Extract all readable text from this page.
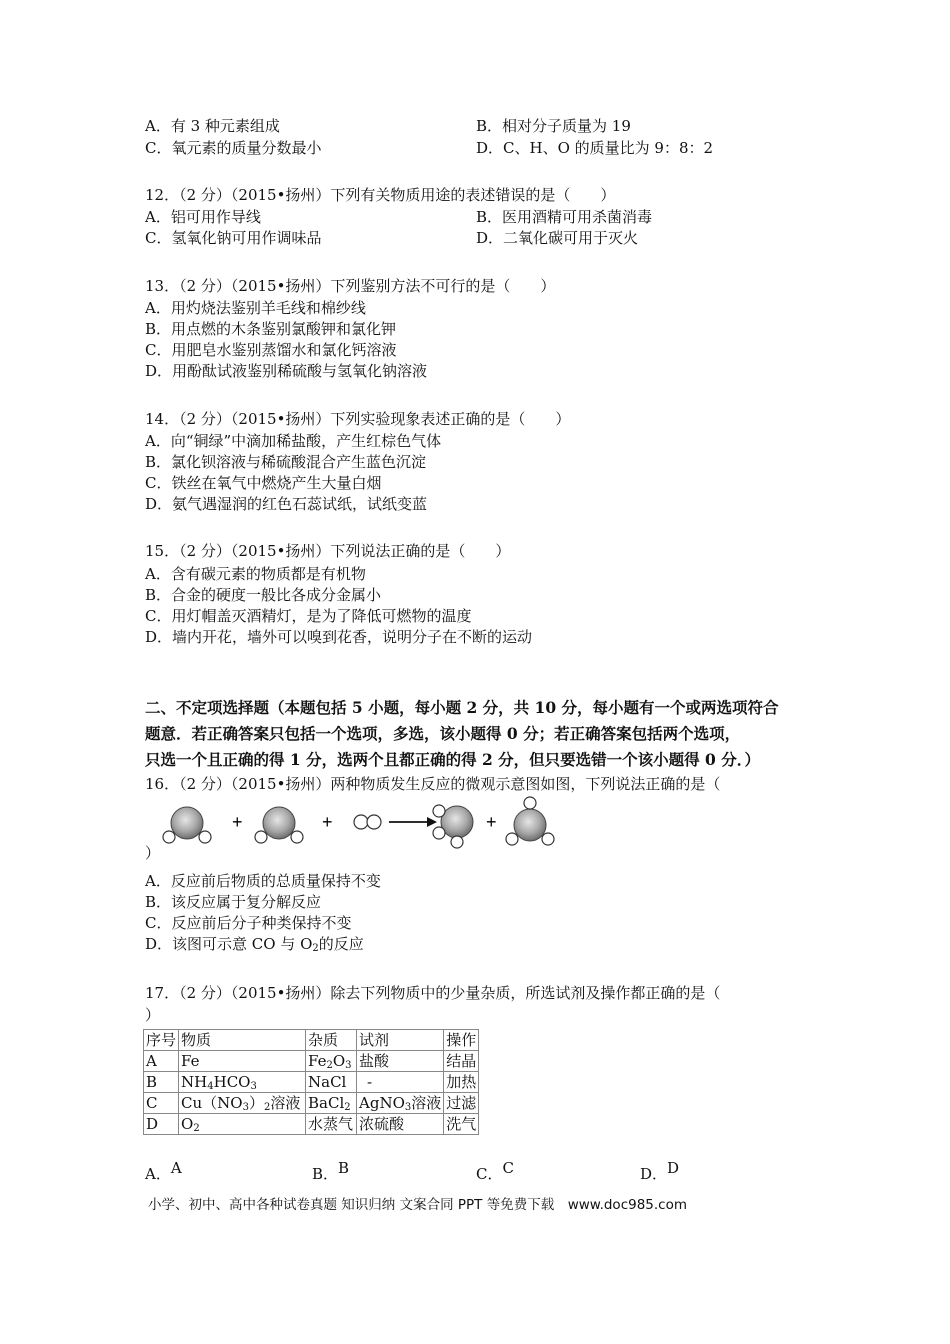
A．有 3 种元素组成	B．相对分子质量为 19
C．氧元素的质量分数最小	D．C、H、O 的质量比为 9：8：2
12．（2 分）（2015•扬州）下列有关物质用途的表述错误的是（　　）
A．铝可用作导线	B．医用酒精可用杀菌消毒
C．氢氧化钠可用作调味品	D．二氧化碳可用于灭火
13．（2 分）（2015•扬州）下列鉴别方法不可行的是（　　）
A．用灼烧法鉴别羊毛线和棉纱线
B．用点燃的木条鉴别氯酸钾和氯化钾
C．用肥皂水鉴别蒸馏水和氯化钙溶液
D．用酚酞试液鉴别稀硫酸与氢氧化钠溶液
14．（2 分）（2015•扬州）下列实验现象表述正确的是（　　）
A．向“铜绿”中滴加稀盐酸，产生红棕色气体
B．氯化钡溶液与稀硫酸混合产生蓝色沉淀
C．铁丝在氧气中燃烧产生大量白烟
D．氨气遇湿润的红色石蕊试纸，试纸变蓝
15．（2 分）（2015•扬州）下列说法正确的是（　　）
A．含有碳元素的物质都是有机物
B．合金的硬度一般比各成分金属小
C．用灯帽盖灭酒精灯，是为了降低可燃物的温度
D．墙内开花，墙外可以嗅到花香，说明分子在不断的运动
二、不定项选择题（本题包括 5 小题，每小题 2 分，共 10 分，每小题有一个或两选项符合
题意．若正确答案只包括一个选项，多选，该小题得 0 分；若正确答案包括两个选项，
只选一个且正确的得 1 分，选两个且都正确的得 2 分，但只要选错一个该小题得 0 分．）
16．（2 分）（2015•扬州）两种物质发生反应的微观示意图如图，下列说法正确的是（
+	+	+
）
A．反应前后物质的总质量保持不变
B．该反应属于复分解反应
C．反应前后分子种类保持不变
D．该图可示意 CO 与 $O_2$的反应
17．（2 分）（2015•扬州）除去下列物质中的少量杂质，所选试剂及操作都正确的是（
）
序号	物质	杂质	试剂	操作
A	Fe	$Fe_2O_3$	盐酸	结晶
B	$NH_4HCO_3$	NaCl	-	加热
C	$Cu(NO_3)_2$溶液	BaCl$_2$	AgNO$_3$溶液	过滤
D	$O_2$	水蒸气	浓硫酸	洗气
A．A	B．B	C．C	D．D
小学、初中、高中各种试卷真题 知识归纳 文案合同 PPT 等免费下载　www.doc985.com
